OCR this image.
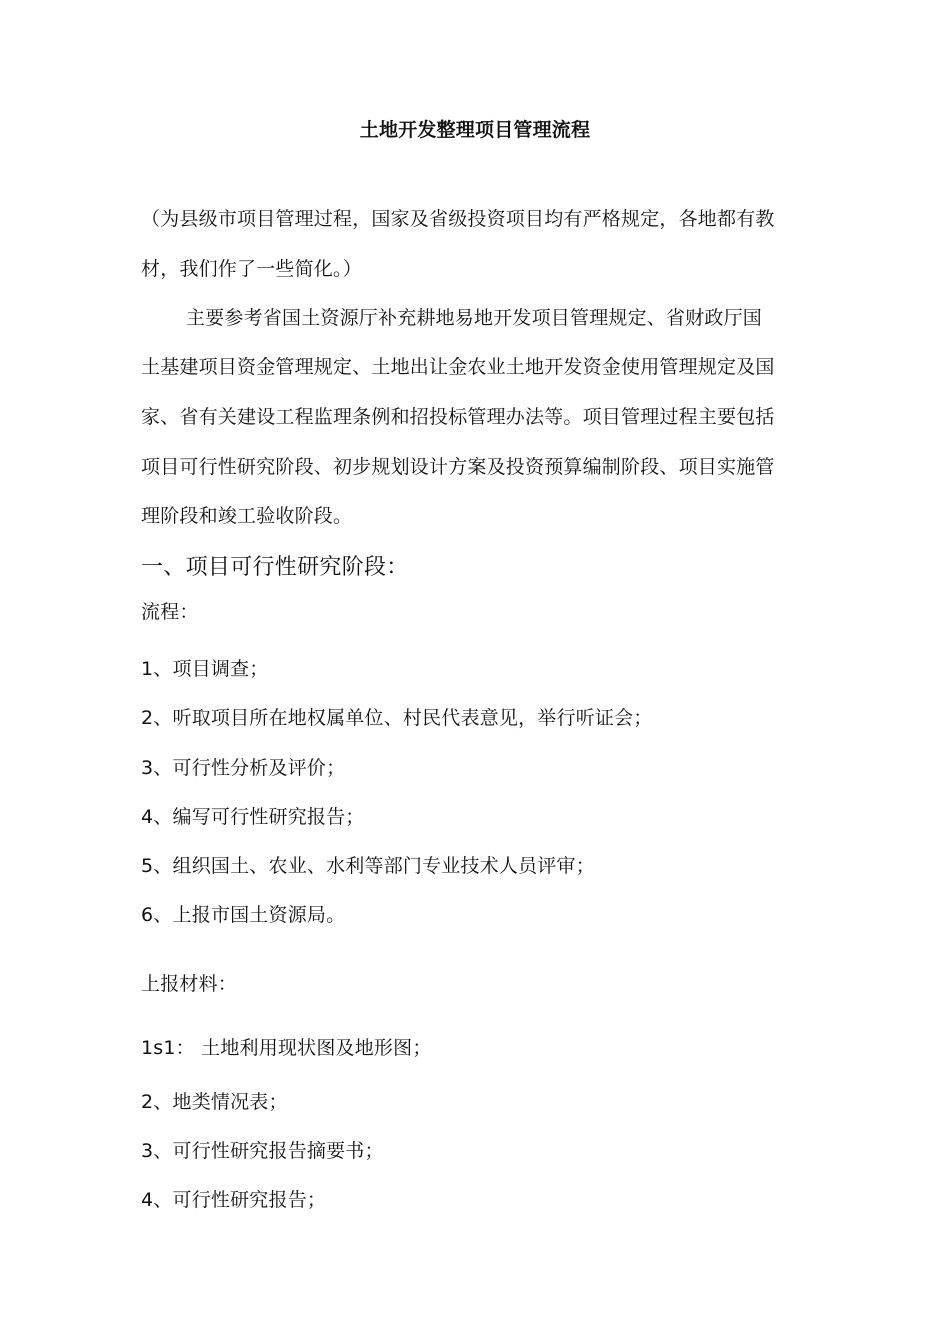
土地开发整理项目管理流程
（为县级市项目管理过程，国家及省级投资项目均有严格规定，各地都有教
材，我们作了一些简化。）
主要参考省国土资源厅补充耕地易地开发项目管理规定、省财政厅国
土基建项目资金管理规定、土地出让金农业土地开发资金使用管理规定及国
家、省有关建设工程监理条例和招投标管理办法等。项目管理过程主要包括
项目可行性研究阶段、初步规划设计方案及投资预算编制阶段、项目实施管
理阶段和竣工验收阶段。
一、项目可行性研究阶段：
流程：
1、项目调查；
2、听取项目所在地权属单位、村民代表意见，举行听证会；
3、可行性分析及评价；
4、编写可行性研究报告；
5、组织国土、农业、水利等部门专业技术人员评审；
6、上报市国土资源局。
上报材料：
1s1： 土地利用现状图及地形图；
2、地类情况表；
3、可行性研究报告摘要书；
4、可行性研究报告；
